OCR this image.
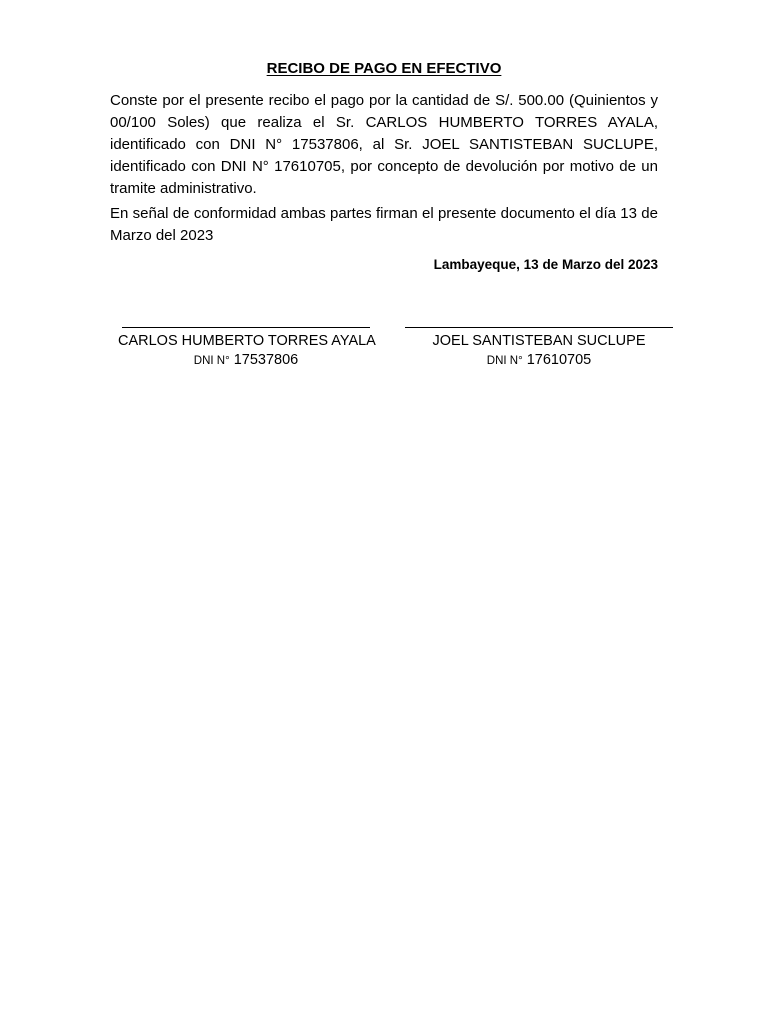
RECIBO DE PAGO EN EFECTIVO

Conste por el presente recibo el pago por la cantidad de S/. 500.00 (Quinientos y 00/100 Soles) que realiza el Sr. CARLOS HUMBERTO TORRES AYALA, identificado con DNI N° 17537806, al Sr. JOEL SANTISTEBAN SUCLUPE, identificado con DNI N° 17610705, por concepto de devolución por motivo de un tramite administrativo.

En señal de conformidad ambas partes firman el presente documento el día 13 de Marzo del 2023

Lambayeque, 13 de Marzo del 2023
CARLOS HUMBERTO TORRES AYALA
DNI N° 17537806
JOEL SANTISTEBAN SUCLUPE
DNI N° 17610705
